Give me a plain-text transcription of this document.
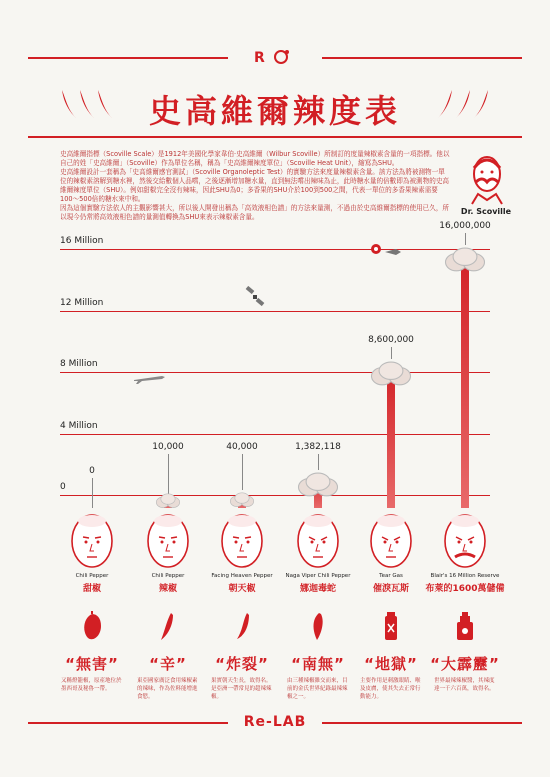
R
史高維爾辣度表

史高維爾指標（Scoville Scale）是1912年美國化學家韋伯·史高維爾（Wilbur Scoville）所制訂的度量辣椒素含量的一項指標。他以自己的姓「史高維爾」（Scoville）作為單位名稱，稱為「史高維爾辣度單位」（Scoville Heat Unit），縮寫為SHU。

史高維爾設計一套稱為「史高維爾感官測試」（Scoville Organoleptic Test）的實驗方法來度量辣椒素含量。該方法為將被測物一單位的辣椒素溶解到糖水裡，然後交給數個人品嚐，之後逐漸增加糖水量，直到無法嚐出辣味為止，此時糖水量的倍數即為被測物的史高維爾辣度單位（SHU）。例如甜椒完全沒有辣味，因此SHU為0；多香果的SHU介於100到500之間，代表一單位的多香果辣素需要100～500倍的糖水來中和。

因為這個實驗方法依人的主觀影響甚大，所以後人開發出稱為「高效液相色譜」的方法來量測，不過由於史高維爾指標的使用已久，所以現今仍常將高效液相色譜的量測值轉換為SHU來表示辣椒素含量。

Dr. Scoville
16 Million
12 Million
8 Million
4 Million
0
0
10,000	40,000	1,382,118
8,600,000
16,000,000
Chili Pepper
甜椒
“無害”
又稱燈籠椒，原產地位於墨西哥及秘魯一帶。
Chili Pepper
辣椒
“辛”
東亞國家廣泛食用辣椒素的辣味，作為佐料能增進食慾。
Facing Heaven Pepper
朝天椒
“炸裂”
果實朝天生長，故得名。是亞洲一帶常見的超辣辣椒。
Naga Viper Chili Pepper
娜迦毒蛇
“南無”
由三種辣椒雜交而來，目前的金氏世界紀錄最辣辣椒之一。
Tear Gas
催淚瓦斯
“地獄”
主要作用是刺激眼睛、喉及皮膚，使其失去正常行動能力。
Blair's 16 Million Reserve
布萊的1600萬儲備
“大霹靂”
世界最辣辣椒醬，其辣度達一千六百萬，故得名。
Re-LAB
